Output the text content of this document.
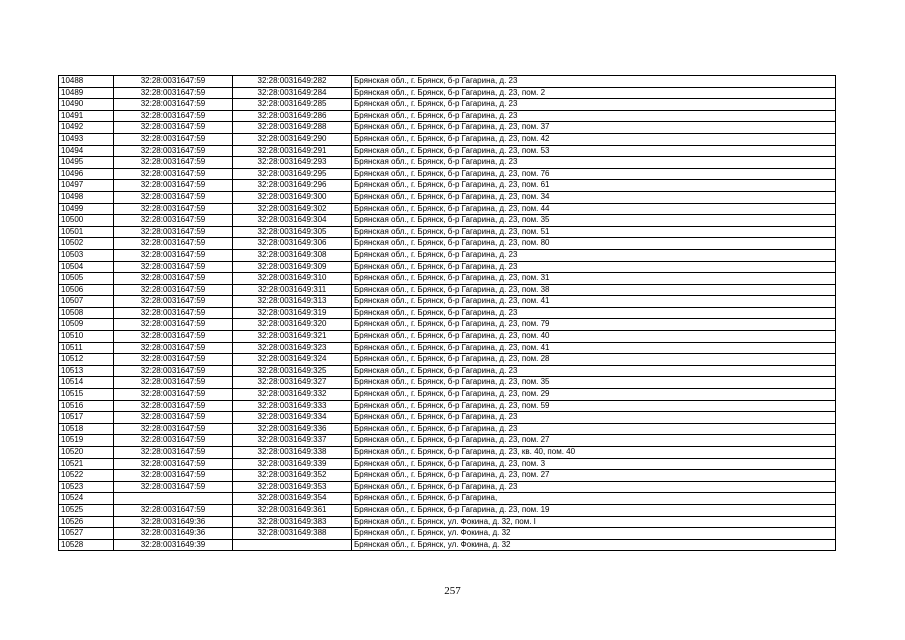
10488	32:28:0031647:59	32:28:0031649:282	Брянская обл., г. Брянск, б-р Гагарина, д. 23
10489	32:28:0031647:59	32:28:0031649:284	Брянская обл., г. Брянск, б-р Гагарина, д. 23, пом. 2
10490	32:28:0031647:59	32:28:0031649:285	Брянская обл., г. Брянск, б-р Гагарина, д. 23
10491	32:28:0031647:59	32:28:0031649:286	Брянская обл., г. Брянск, б-р Гагарина, д. 23
10492	32:28:0031647:59	32:28:0031649:288	Брянская обл., г. Брянск, б-р Гагарина, д. 23, пом. 37
10493	32:28:0031647:59	32:28:0031649:290	Брянская обл., г. Брянск, б-р Гагарина, д. 23, пом. 42
10494	32:28:0031647:59	32:28:0031649:291	Брянская обл., г. Брянск, б-р Гагарина, д. 23, пом. 53
10495	32:28:0031647:59	32:28:0031649:293	Брянская обл., г. Брянск, б-р Гагарина, д. 23
10496	32:28:0031647:59	32:28:0031649:295	Брянская обл., г. Брянск, б-р Гагарина, д. 23, пом. 76
10497	32:28:0031647:59	32:28:0031649:296	Брянская обл., г. Брянск, б-р Гагарина, д. 23, пом. 61
10498	32:28:0031647:59	32:28:0031649:300	Брянская обл., г. Брянск, б-р Гагарина, д. 23, пом. 34
10499	32:28:0031647:59	32:28:0031649:302	Брянская обл., г. Брянск, б-р Гагарина, д. 23, пом. 44
10500	32:28:0031647:59	32:28:0031649:304	Брянская обл., г. Брянск, б-р Гагарина, д. 23, пом. 35
10501	32:28:0031647:59	32:28:0031649:305	Брянская обл., г. Брянск, б-р Гагарина, д. 23, пом. 51
10502	32:28:0031647:59	32:28:0031649:306	Брянская обл., г. Брянск, б-р Гагарина, д. 23, пом. 80
10503	32:28:0031647:59	32:28:0031649:308	Брянская обл., г. Брянск, б-р Гагарина, д. 23
10504	32:28:0031647:59	32:28:0031649:309	Брянская обл., г. Брянск, б-р Гагарина, д. 23
10505	32:28:0031647:59	32:28:0031649:310	Брянская обл., г. Брянск, б-р Гагарина, д. 23, пом. 31
10506	32:28:0031647:59	32:28:0031649:311	Брянская обл., г. Брянск, б-р Гагарина, д. 23, пом. 38
10507	32:28:0031647:59	32:28:0031649:313	Брянская обл., г. Брянск, б-р Гагарина, д. 23, пом. 41
10508	32:28:0031647:59	32:28:0031649:319	Брянская обл., г. Брянск, б-р Гагарина, д. 23
10509	32:28:0031647:59	32:28:0031649:320	Брянская обл., г. Брянск, б-р Гагарина, д. 23, пом. 79
10510	32:28:0031647:59	32:28:0031649:321	Брянская обл., г. Брянск, б-р Гагарина, д. 23, пом. 40
10511	32:28:0031647:59	32:28:0031649:323	Брянская обл., г. Брянск, б-р Гагарина, д. 23, пом. 41
10512	32:28:0031647:59	32:28:0031649:324	Брянская обл., г. Брянск, б-р Гагарина, д. 23, пом. 28
10513	32:28:0031647:59	32:28:0031649:325	Брянская обл., г. Брянск, б-р Гагарина, д. 23
10514	32:28:0031647:59	32:28:0031649:327	Брянская обл., г. Брянск, б-р Гагарина, д. 23, пом. 35
10515	32:28:0031647:59	32:28:0031649:332	Брянская обл., г. Брянск, б-р Гагарина, д. 23, пом. 29
10516	32:28:0031647:59	32:28:0031649:333	Брянская обл., г. Брянск, б-р Гагарина, д. 23, пом. 59
10517	32:28:0031647:59	32:28:0031649:334	Брянская обл., г. Брянск, б-р Гагарина, д. 23
10518	32:28:0031647:59	32:28:0031649:336	Брянская обл., г. Брянск, б-р Гагарина, д. 23
10519	32:28:0031647:59	32:28:0031649:337	Брянская обл., г. Брянск, б-р Гагарина, д. 23, пом. 27
10520	32:28:0031647:59	32:28:0031649:338	Брянская обл., г. Брянск, б-р Гагарина, д. 23, кв. 40, пом. 40
10521	32:28:0031647:59	32:28:0031649:339	Брянская обл., г. Брянск, б-р Гагарина, д. 23, пом. 3
10522	32:28:0031647:59	32:28:0031649:352	Брянская обл., г. Брянск, б-р Гагарина, д. 23, пом. 27
10523	32:28:0031647:59	32:28:0031649:353	Брянская обл., г. Брянск, б-р Гагарина, д. 23
10524		32:28:0031649:354	Брянская обл., г. Брянск, б-р Гагарина,
10525	32:28:0031647:59	32:28:0031649:361	Брянская обл., г. Брянск, б-р Гагарина, д. 23, пом. 19
10526	32:28:0031649:36	32:28:0031649:383	Брянская обл., г. Брянск, ул. Фокина, д. 32, пом. I
10527	32:28:0031649:36	32:28:0031649:388	Брянская обл., г. Брянск, ул. Фокина, д. 32
10528	32:28:0031649:39		Брянская обл., г. Брянск, ул. Фокина, д. 32
257
